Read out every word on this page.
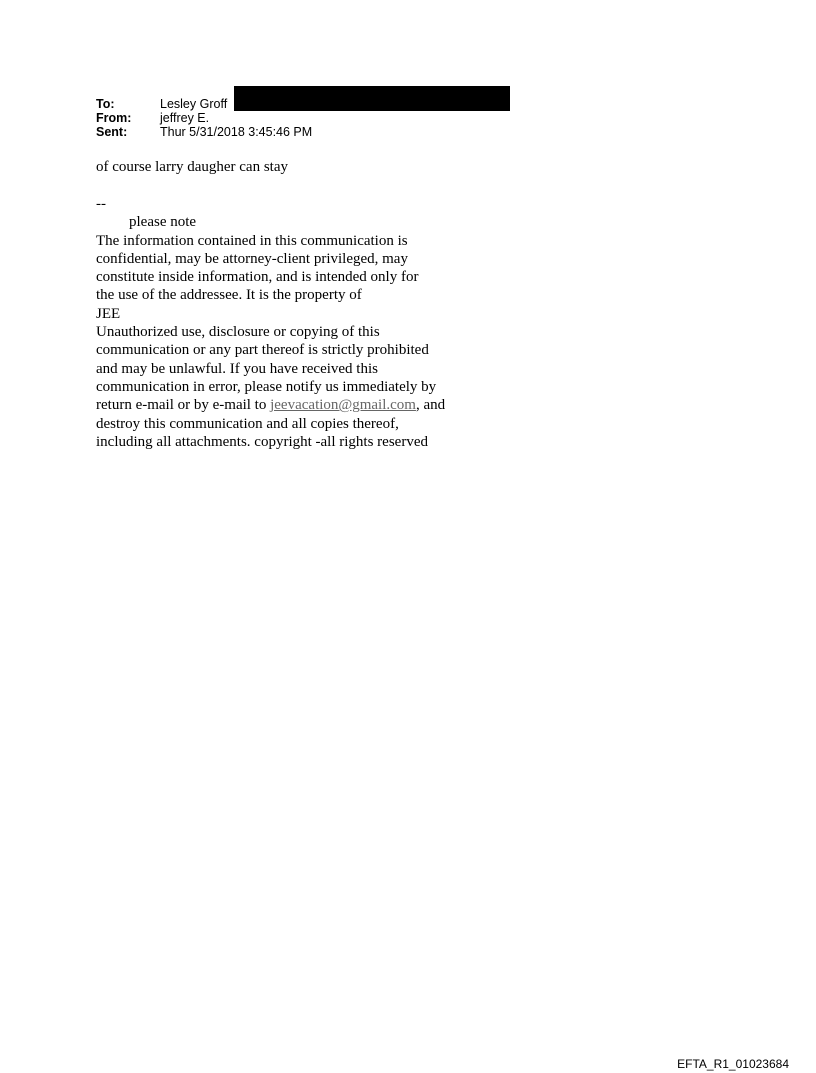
To:	Lesley Groff
From:	jeffrey E.
Sent:	Thur 5/31/2018 3:45:46 PM
of course larry daugher can stay
--
please note
The information contained in this communication is
confidential, may be attorney-client privileged, may
constitute inside information, and is intended only for
the use of the addressee. It is the property of
JEE
Unauthorized use, disclosure or copying of this
communication or any part thereof is strictly prohibited
and may be unlawful. If you have received this
communication in error, please notify us immediately by
return e-mail or by e-mail to jeevacation@gmail.com, and
destroy this communication and all copies thereof,
including all attachments. copyright -all rights reserved
EFTA_R1_01023684
